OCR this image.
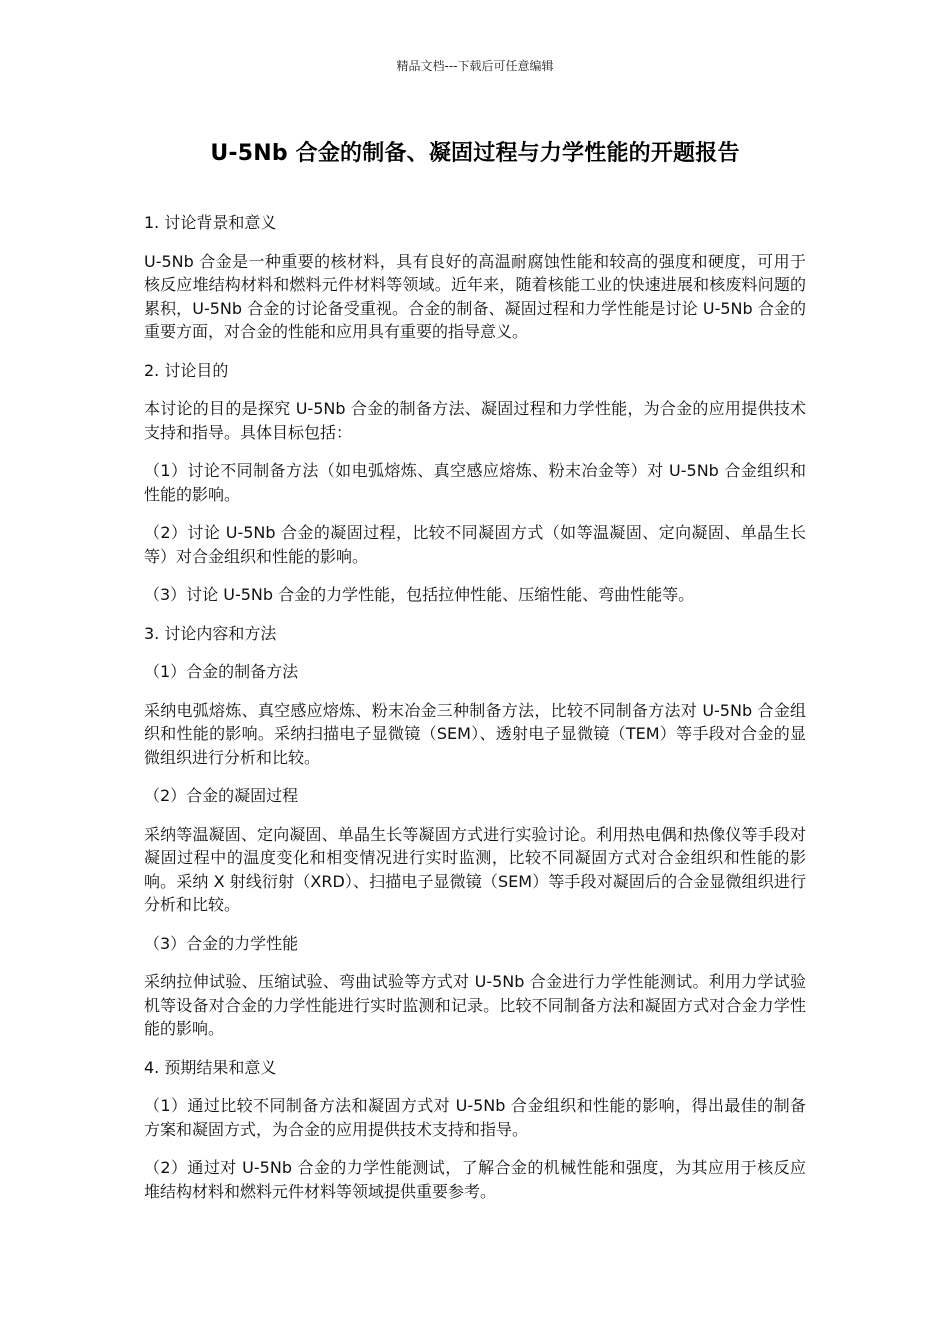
精品文档---下载后可任意编辑
U-5Nb 合金的制备、凝固过程与力学性能的开题报告

1. 讨论背景和意义

U-5Nb 合金是一种重要的核材料，具有良好的高温耐腐蚀性能和较高的强度和硬度，可用于核反应堆结构材料和燃料元件材料等领域。近年来，随着核能工业的快速进展和核废料问题的累积，U-5Nb 合金的讨论备受重视。合金的制备、凝固过程和力学性能是讨论 U-5Nb 合金的重要方面，对合金的性能和应用具有重要的指导意义。

2. 讨论目的

本讨论的目的是探究 U-5Nb 合金的制备方法、凝固过程和力学性能，为合金的应用提供技术支持和指导。具体目标包括：

（1）讨论不同制备方法（如电弧熔炼、真空感应熔炼、粉末冶金等）对 U-5Nb 合金组织和性能的影响。

（2）讨论 U-5Nb 合金的凝固过程，比较不同凝固方式（如等温凝固、定向凝固、单晶生长等）对合金组织和性能的影响。

（3）讨论 U-5Nb 合金的力学性能，包括拉伸性能、压缩性能、弯曲性能等。

3. 讨论内容和方法

（1）合金的制备方法

采纳电弧熔炼、真空感应熔炼、粉末冶金三种制备方法，比较不同制备方法对 U-5Nb 合金组织和性能的影响。采纳扫描电子显微镜（SEM）、透射电子显微镜（TEM）等手段对合金的显微组织进行分析和比较。

（2）合金的凝固过程

采纳等温凝固、定向凝固、单晶生长等凝固方式进行实验讨论。利用热电偶和热像仪等手段对凝固过程中的温度变化和相变情况进行实时监测，比较不同凝固方式对合金组织和性能的影响。采纳 X 射线衍射（XRD）、扫描电子显微镜（SEM）等手段对凝固后的合金显微组织进行分析和比较。

（3）合金的力学性能

采纳拉伸试验、压缩试验、弯曲试验等方式对 U-5Nb 合金进行力学性能测试。利用力学试验机等设备对合金的力学性能进行实时监测和记录。比较不同制备方法和凝固方式对合金力学性能的影响。

4. 预期结果和意义

（1）通过比较不同制备方法和凝固方式对 U-5Nb 合金组织和性能的影响，得出最佳的制备方案和凝固方式，为合金的应用提供技术支持和指导。

（2）通过对 U-5Nb 合金的力学性能测试，了解合金的机械性能和强度，为其应用于核反应堆结构材料和燃料元件材料等领域提供重要参考。
